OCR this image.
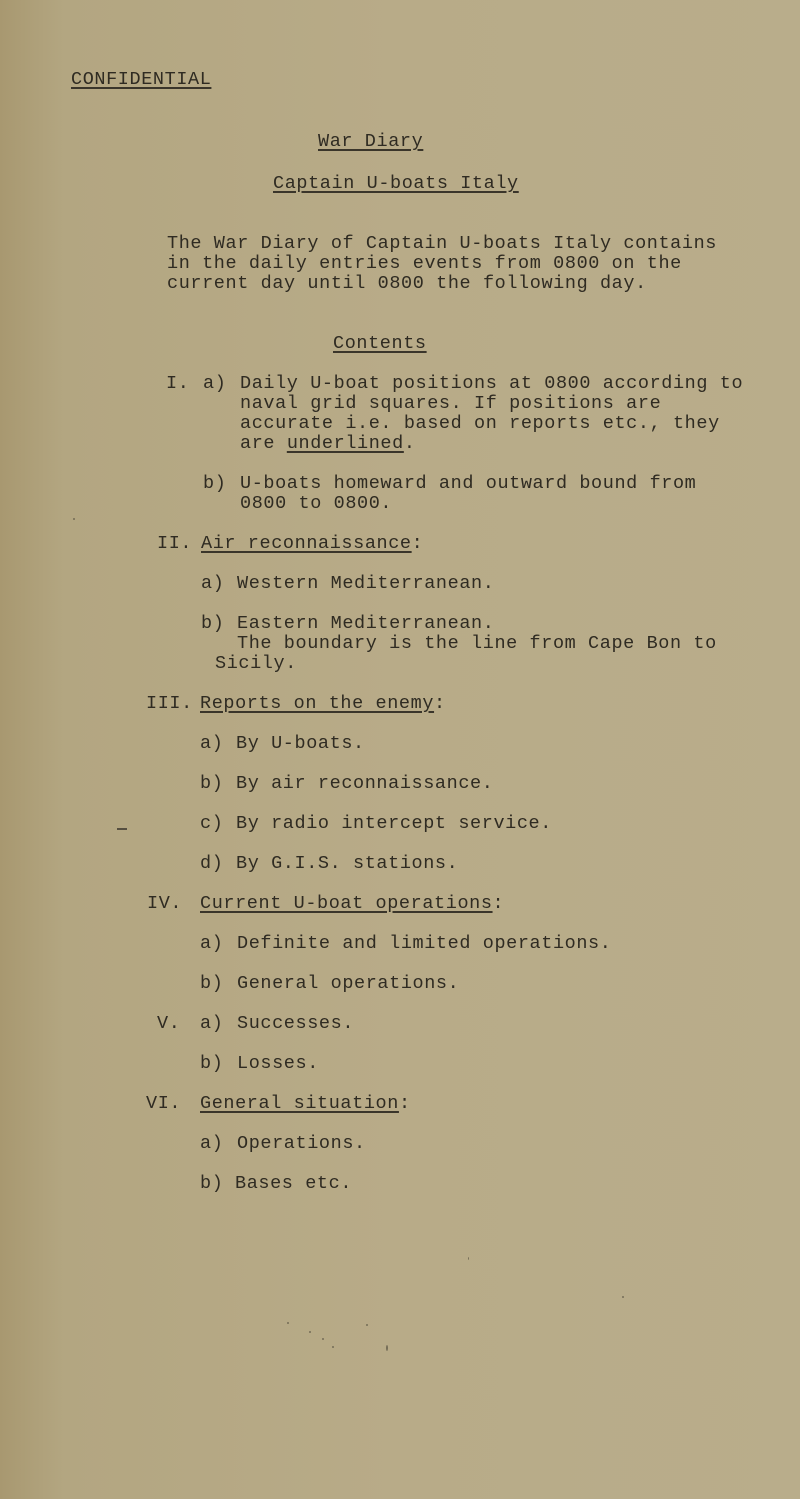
CONFIDENTIAL
War Diary
Captain U-boats Italy
The War Diary of Captain U-boats Italy contains
in the daily entries events from 0800 on the
current day until 0800 the following day.
Contents
I. a) Daily U-boat positions at 0800 according to
naval grid squares. If positions are
accurate i.e. based on reports etc., they
are underlined.
b) U-boats homeward and outward bound from
0800 to 0800.
II. Air reconnaissance:
a) Western Mediterranean.
b) Eastern Mediterranean.
The boundary is the line from Cape Bon to
Sicily.
III. Reports on the enemy:
a) By U-boats.
b) By air reconnaissance.
c) By radio intercept service.
d) By G.I.S. stations.
IV. Current U-boat operations:
a) Definite and limited operations.
b) General operations.
V. a) Successes.
b) Losses.
VI. General situation:
a) Operations.
b) Bases etc.
